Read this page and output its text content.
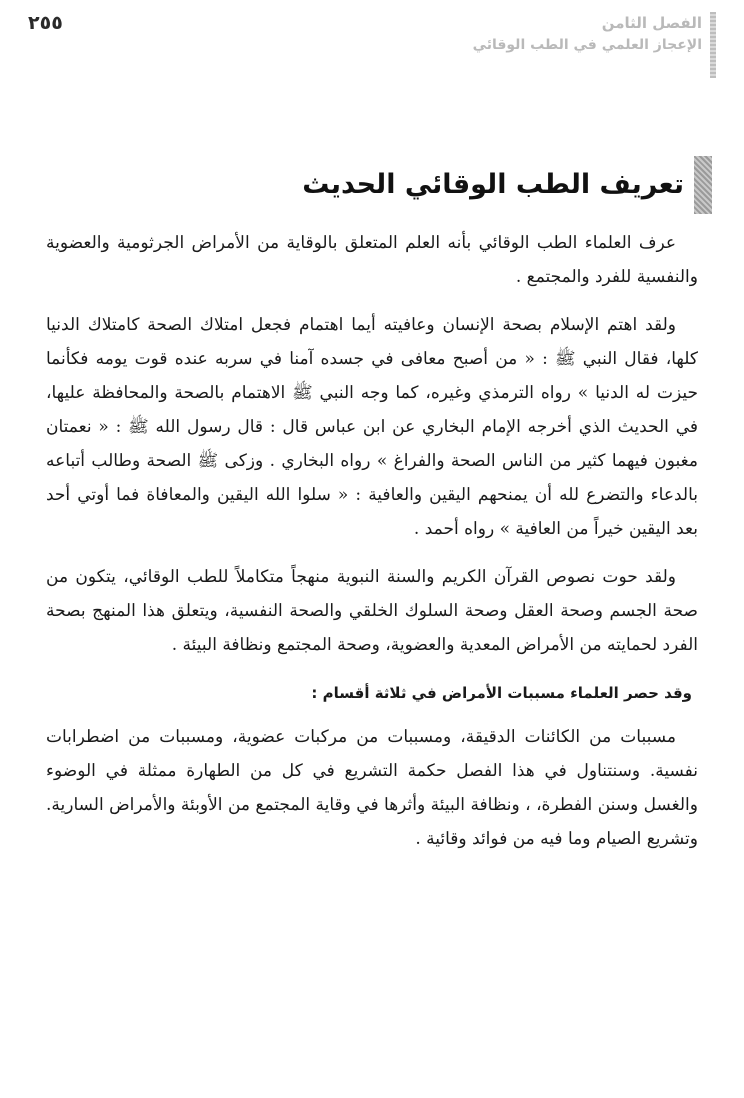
٢٥٥	الفصل الثامن
الإعجاز العلمي في الطب الوقائي
تعريف الطب الوقائي الحديث

عرف العلماء الطب الوقائي بأنه العلم المتعلق بالوقاية من الأمراض الجرثومية والعضوية والنفسية للفرد والمجتمع .

ولقد اهتم الإسلام بصحة الإنسان وعافيته أيما اهتمام فجعل امتلاك الصحة كامتلاك الدنيا كلها، فقال النبي ﷺ : « من أصبح معافى في جسده آمنا في سربه عنده قوت يومه فكأنما حيزت له الدنيا » رواه الترمذي وغيره، كما وجه النبي ﷺ الاهتمام بالصحة والمحافظة عليها، في الحديث الذي أخرجه الإمام البخاري عن ابن عباس قال : قال رسول الله ﷺ : « نعمتان مغبون فيهما كثير من الناس الصحة والفراغ » رواه البخاري . وزكى ﷺ الصحة وطالب أتباعه بالدعاء والتضرع لله أن يمنحهم اليقين والعافية : « سلوا الله اليقين والمعافاة فما أوتي أحد بعد اليقين خيراً من العافية » رواه أحمد .

ولقد حوت نصوص القرآن الكريم والسنة النبوية منهجاً متكاملاً للطب الوقائي، يتكون من صحة الجسم وصحة العقل وصحة السلوك الخلقي والصحة النفسية، ويتعلق هذا المنهج بصحة الفرد لحمايته من الأمراض المعدية والعضوية، وصحة المجتمع ونظافة البيئة .

وقد حصر العلماء مسببات الأمراض في ثلاثة أقسام :

مسببات من الكائنات الدقيقة، ومسببات من مركبات عضوية، ومسببات من اضطرابات نفسية. وسنتناول في هذا الفصل حكمة التشريع في كل من الطهارة ممثلة في الوضوء والغسل وسنن الفطرة، ، ونظافة البيئة وأثرها في وقاية المجتمع من الأوبئة والأمراض السارية. وتشريع الصيام وما فيه من فوائد وقائية .
